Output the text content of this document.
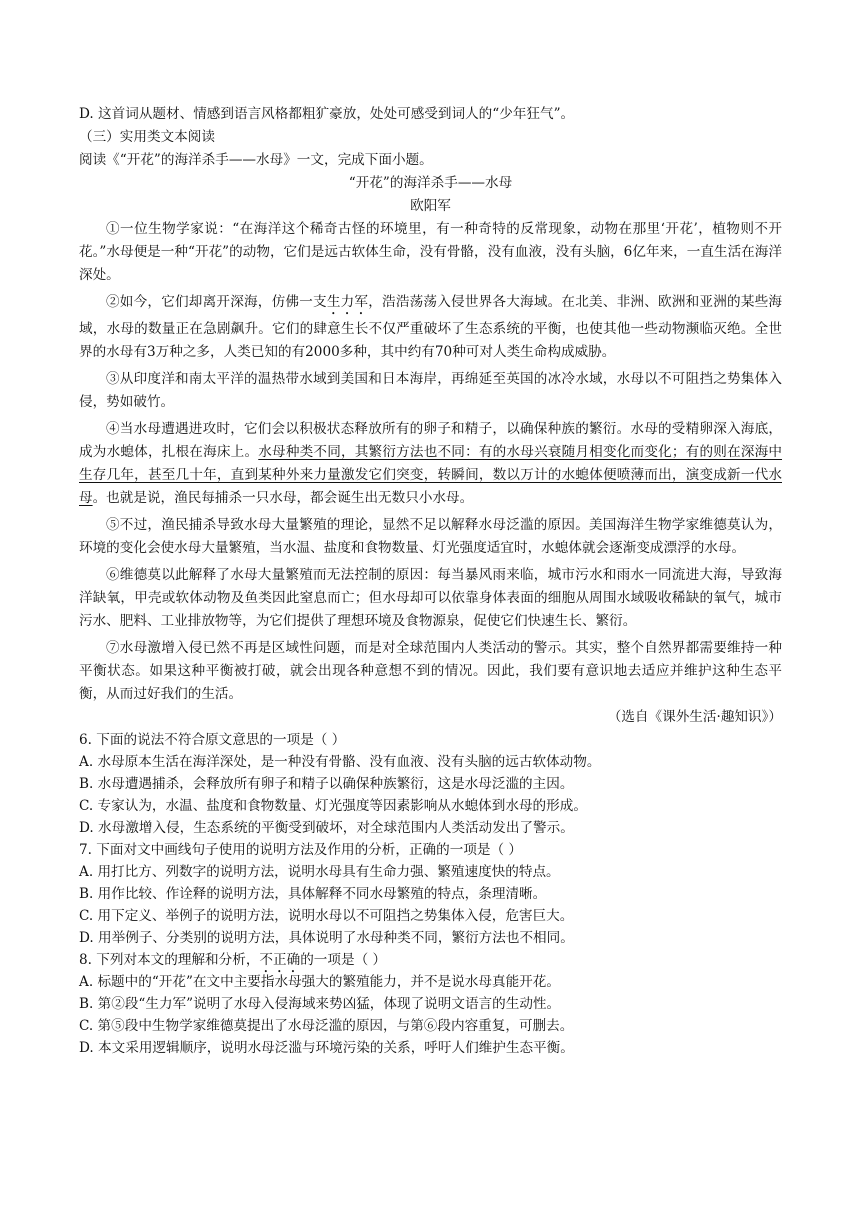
D. 这首词从题材、情感到语言风格都粗犷豪放，处处可感受到词人的“少年狂气”。
（三）实用类文本阅读
阅读《“开花”的海洋杀手——水母》一文，完成下面小题。
“开花”的海洋杀手——水母
欧阳军
①一位生物学家说：“在海洋这个稀奇古怪的环境里，有一种奇特的反常现象，动物在那里‘开花’，植物则不开花。”水母便是一种“开花”的动物，它们是远古软体生命，没有骨骼，没有血液，没有头脑，6亿年来，一直生活在海洋深处。
②如今，它们却离开深海，仿佛一支生力军，浩浩荡荡入侵世界各大海域。在北美、非洲、欧洲和亚洲的某些海域，水母的数量正在急剧飙升。它们的肆意生长不仅严重破坏了生态系统的平衡，也使其他一些动物濒临灭绝。全世界的水母有3万种之多，人类已知的有2000多种，其中约有70种可对人类生命构成威胁。
③从印度洋和南太平洋的温热带水域到美国和日本海岸，再绵延至英国的冰冷水域，水母以不可阻挡之势集体入侵，势如破竹。
④当水母遭遇进攻时，它们会以积极状态释放所有的卵子和精子，以确保种族的繁衍。水母的受精卵深入海底，成为水螅体，扎根在海床上。水母种类不同，其繁衍方法也不同：有的水母兴衰随月相变化而变化；有的则在深海中生存几年，甚至几十年，直到某种外来力量激发它们突变，转瞬间，数以万计的水螅体便喷薄而出，演变成新一代水母。也就是说，渔民每捕杀一只水母，都会诞生出无数只小水母。
⑤不过，渔民捕杀导致水母大量繁殖的理论，显然不足以解释水母泛滥的原因。美国海洋生物学家维德莫认为，环境的变化会使水母大量繁殖，当水温、盐度和食物数量、灯光强度适宜时，水螅体就会逐渐变成漂浮的水母。
⑥维德莫以此解释了水母大量繁殖而无法控制的原因：每当暴风雨来临，城市污水和雨水一同流进大海，导致海洋缺氧，甲壳或软体动物及鱼类因此窒息而亡；但水母却可以依靠身体表面的细胞从周围水域吸收稀缺的氧气，城市污水、肥料、工业排放物等，为它们提供了理想环境及食物源泉，促使它们快速生长、繁衍。
⑦水母激增入侵已然不再是区域性问题，而是对全球范围内人类活动的警示。其实，整个自然界都需要维持一种平衡状态。如果这种平衡被打破，就会出现各种意想不到的情况。因此，我们要有意识地去适应并维护这种生态平衡，从而过好我们的生活。
（选自《课外生活·趣知识》）
6. 下面的说法不符合原文意思的一项是（ ）
A. 水母原本生活在海洋深处，是一种没有骨骼、没有血液、没有头脑的远古软体动物。
B. 水母遭遇捕杀，会释放所有卵子和精子以确保种族繁衍，这是水母泛滥的主因。
C. 专家认为，水温、盐度和食物数量、灯光强度等因素影响从水螅体到水母的形成。
D. 水母激增入侵，生态系统的平衡受到破坏，对全球范围内人类活动发出了警示。
7. 下面对文中画线句子使用的说明方法及作用的分析，正确的一项是（ ）
A. 用打比方、列数字的说明方法，说明水母具有生命力强、繁殖速度快的特点。
B. 用作比较、作诠释的说明方法，具体解释不同水母繁殖的特点，条理清晰。
C. 用下定义、举例子的说明方法，说明水母以不可阻挡之势集体入侵，危害巨大。
D. 用举例子、分类别的说明方法，具体说明了水母种类不同，繁衍方法也不相同。
8. 下列对本文的理解和分析，不正确的一项是（ ）
A. 标题中的“开花”在文中主要指水母强大的繁殖能力，并不是说水母真能开花。
B. 第②段“生力军”说明了水母入侵海域来势凶猛，体现了说明文语言的生动性。
C. 第⑤段中生物学家维德莫提出了水母泛滥的原因，与第⑥段内容重复，可删去。
D. 本文采用逻辑顺序，说明水母泛滥与环境污染的关系，呼吁人们维护生态平衡。
